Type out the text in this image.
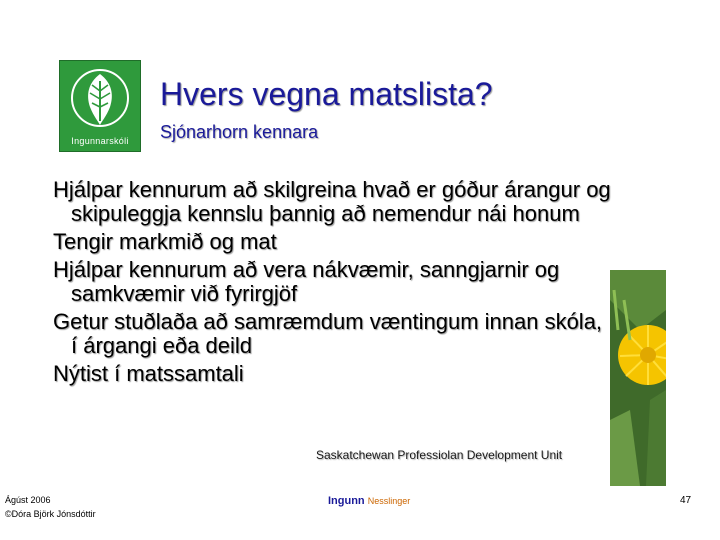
Ingunnarskóli
Hvers vegna matslista?
Sjónarhorn kennara

Hjálpar kennurum að skilgreina hvað er góður árangur og skipuleggja kennslu þannig að nemendur nái honum

Tengir markmið og mat

Hjálpar kennurum að vera nákvæmir, sanngjarnir og samkvæmir við fyrirgjöf

Getur stuðlaða að samræmdum væntingum innan skóla, í árgangi eða deild

Nýtist í matssamtali

Saskatchewan Professiolan Development Unit
Ágúst 2006
©Dóra Björk Jónsdóttir
Ingunn Nesslinger	47
